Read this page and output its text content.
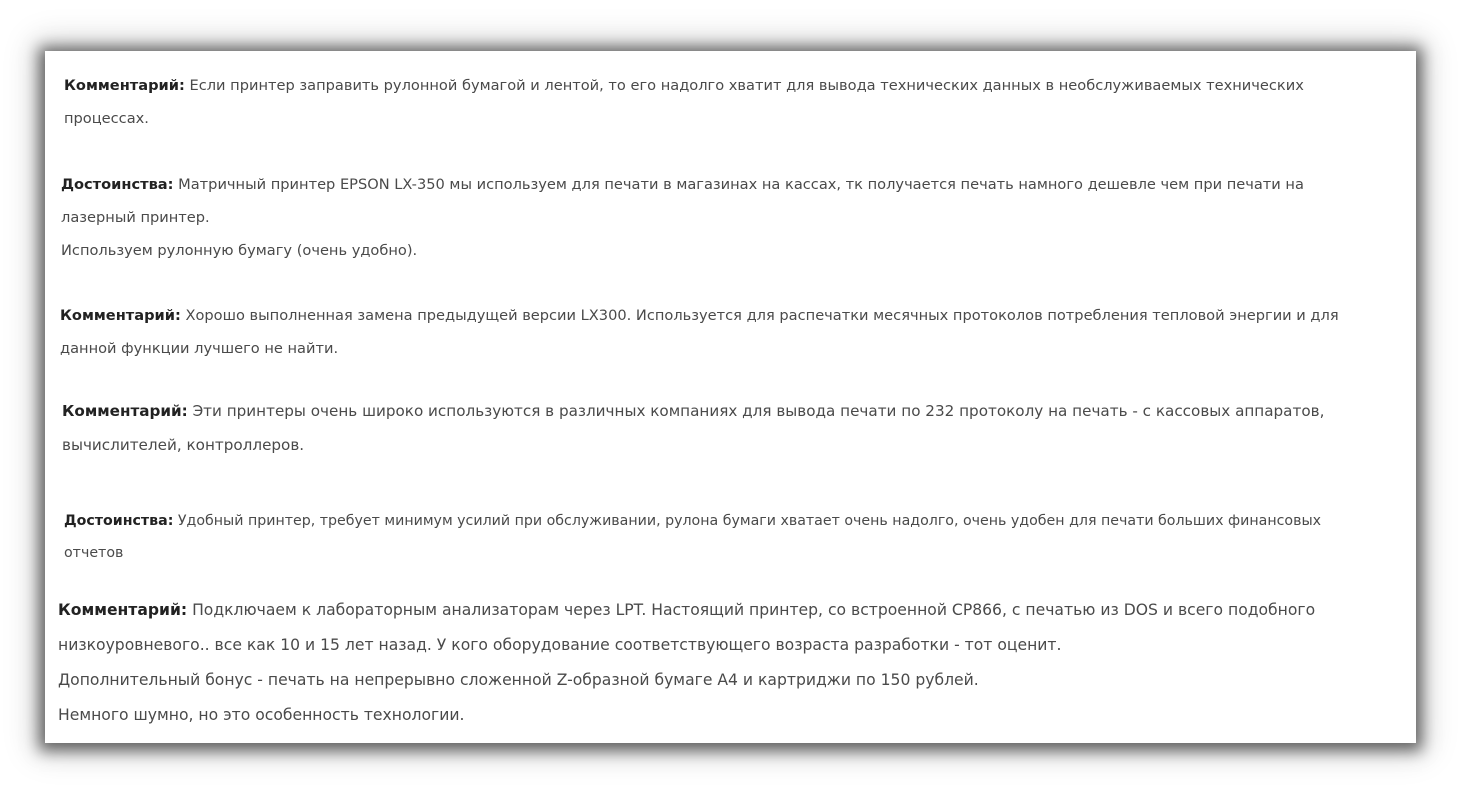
Комментарий: Если принтер заправить рулонной бумагой и лентой, то его надолго хватит для вывода технических данных в необслуживаемых технических
процессах.
Достоинства: Матричный принтер EPSON LX-350 мы используем для печати в магазинах на кассах, тк получается печать намного дешевле чем при печати на
лазерный принтер.
Используем рулонную бумагу (очень удобно).
Комментарий: Хорошо выполненная замена предыдущей версии LX300. Используется для распечатки месячных протоколов потребления тепловой энергии и для
данной функции лучшего не найти.
Комментарий: Эти принтеры очень широко используются в различных компаниях для вывода печати по 232 протоколу на печать - с кассовых аппаратов,
вычислителей, контроллеров.
Достоинства: Удобный принтер, требует минимум усилий при обслуживании, рулона бумаги хватает очень надолго, очень удобен для печати больших финансовых
отчетов
Комментарий: Подключаем к лабораторным анализаторам через LPT. Настоящий принтер, со встроенной CP866, с печатью из DOS и всего подобного
низкоуровневого.. все как 10 и 15 лет назад. У кого оборудование соответствующего возраста разработки - тот оценит.
Дополнительный бонус - печать на непрерывно сложенной Z-образной бумаге А4 и картриджи по 150 рублей.
Немного шумно, но это особенность технологии.
